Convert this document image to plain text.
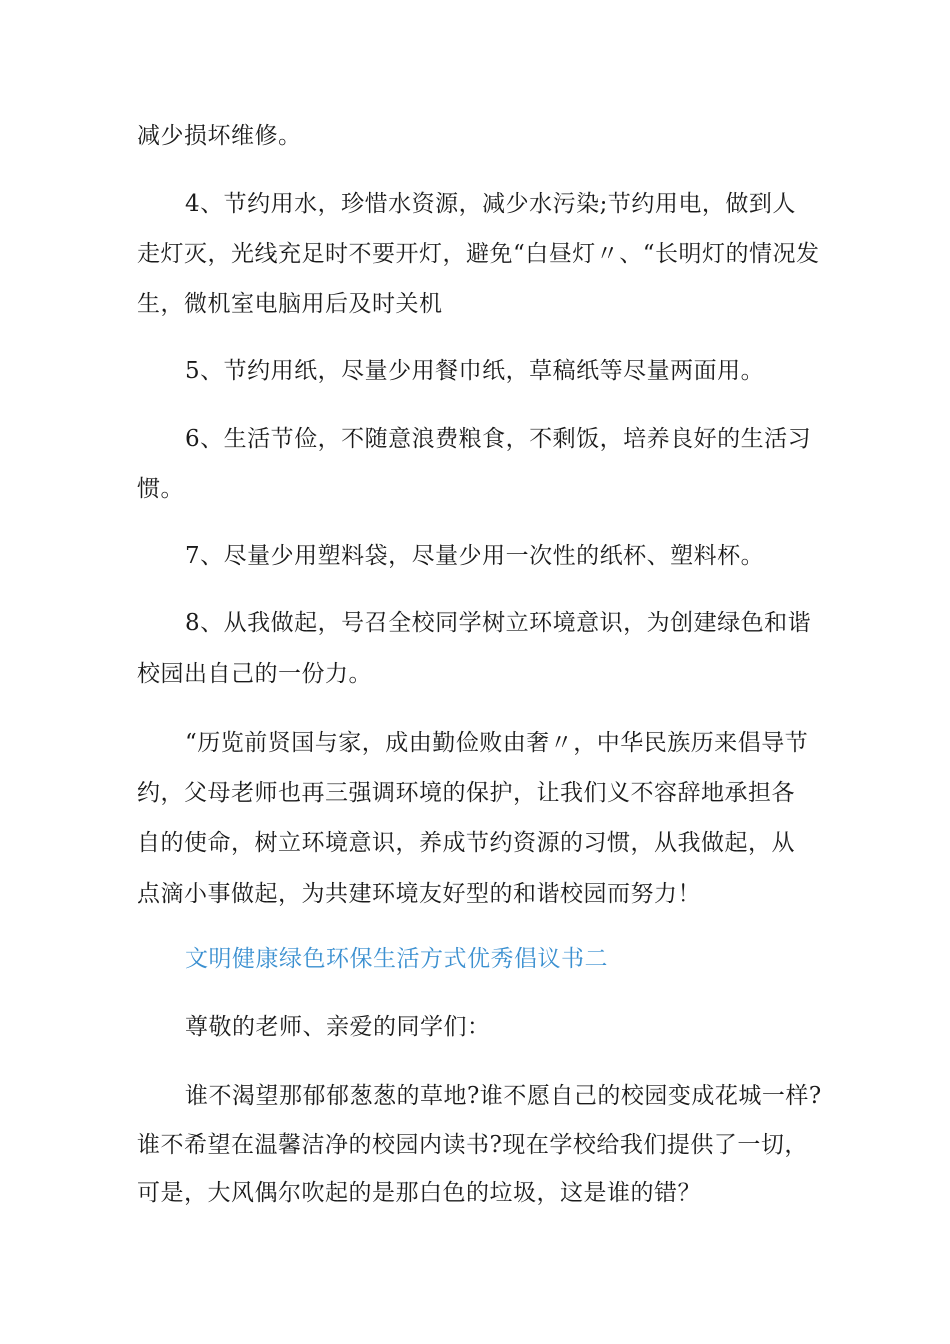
减少损坏维修。
4、节约用水，珍惜水资源，减少水污染;节约用电，做到人
走灯灭，光线充足时不要开灯，避免“白昼灯〃、“长明灯的情况发
生，微机室电脑用后及时关机
5、节约用纸，尽量少用餐巾纸，草稿纸等尽量两面用。
6、生活节俭，不随意浪费粮食，不剩饭，培养良好的生活习
惯。
7、尽量少用塑料袋，尽量少用一次性的纸杯、塑料杯。
8、从我做起，号召全校同学树立环境意识，为创建绿色和谐
校园出自己的一份力。
“历览前贤国与家，成由勤俭败由奢〃，中华民族历来倡导节
约，父母老师也再三强调环境的保护，让我们义不容辞地承担各
自的使命，树立环境意识，养成节约资源的习惯，从我做起，从
点滴小事做起，为共建环境友好型的和谐校园而努力！
文明健康绿色环保生活方式优秀倡议书二
尊敬的老师、亲爱的同学们：
谁不渴望那郁郁葱葱的草地?谁不愿自己的校园变成花城一样?
谁不希望在温馨洁净的校园内读书?现在学校给我们提供了一切，
可是，大风偶尔吹起的是那白色的垃圾，这是谁的错？
